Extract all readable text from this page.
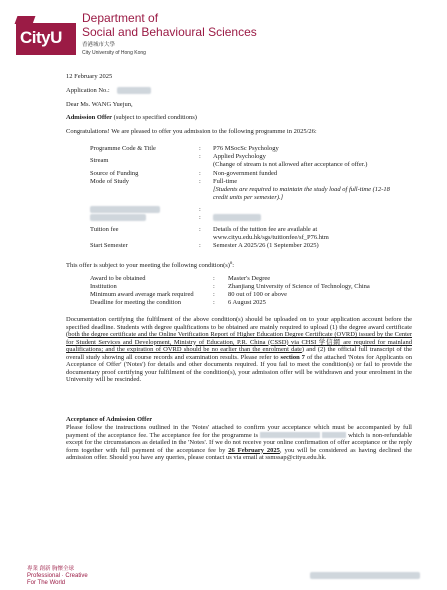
CityU
Department of
Social and Behavioural Sciences
香港城市大學
City University of Hong Kong
12 February 2025
Application No.:
Dear Ms. WANG Yuejun,
Admission Offer (subject to specified conditions)
Congratulations! We are pleased to offer you admission to the following programme in 2025/26:
Programme Code & Title	: P76 MSocSc Psychology
Stream
: Applied Psychology
(Change of stream is not allowed after acceptance of offer.)
Source of Funding	: Non-government funded
Mode of Study	: Full-time
[Students are required to maintain the study load of full-time (12-18 credit units per semester).]
:
:
Tuition fee	: Details of the tuition fee are available at
www.cityu.edu.hk/sgs/tuitionfee/sf_P76.htm
Start Semester	: Semester A 2025/26 (1 September 2025)
This offer is subject to your meeting the following condition(s)#:
Award to be obtained	: Master's Degree
Institution	: Zhanjiang University of Science of Technology, China
Minimum award average mark required	: 80 out of 100 or above
Deadline for meeting the condition	: 6 August 2025
Documentation certifying the fulfilment of the above condition(s) should be uploaded on to your application account before the specified deadline. Students with degree qualifications to be obtained are mainly required to upload (1) the degree award certificate (both the degree certificate and the Online Verification Report of Higher Education Degree Certificate (OVRD) issued by the Center for Student Services and Development, Ministry of Education, P.R. China (CSSD) via CHSI 学信網 are required for mainland qualifications; and the expiration of OVRD should be no earlier than the enrolment date) and (2) the official full transcript of the overall study showing all course records and examination results. Please refer to section 7 of the attached 'Notes for Applicants on Acceptance of Offer' ('Notes') for details and other documents required. If you fail to meet the condition(s) or fail to provide the documentary proof certifying your fulfilment of the condition(s), your admission offer will be withdrawn and your enrolment in the University will be rescinded.
Acceptance of Admission Offer
Please follow the instructions outlined in the 'Notes' attached to confirm your acceptance which must be accompanied by full payment of the acceptance fee. The acceptance fee for the programme is	which is non-refundable except for the circumstances as detailed in the 'Notes'. If we do not receive your online confirmation of offer acceptance or the reply form together with full payment of the acceptance fee by 26 February 2025, you will be considered as having declined the admission offer. Should you have any queries, please contact us via email at ssmssap@cityu.edu.hk.
專業 創新 胸懷全球
Professional · Creative
For The World
